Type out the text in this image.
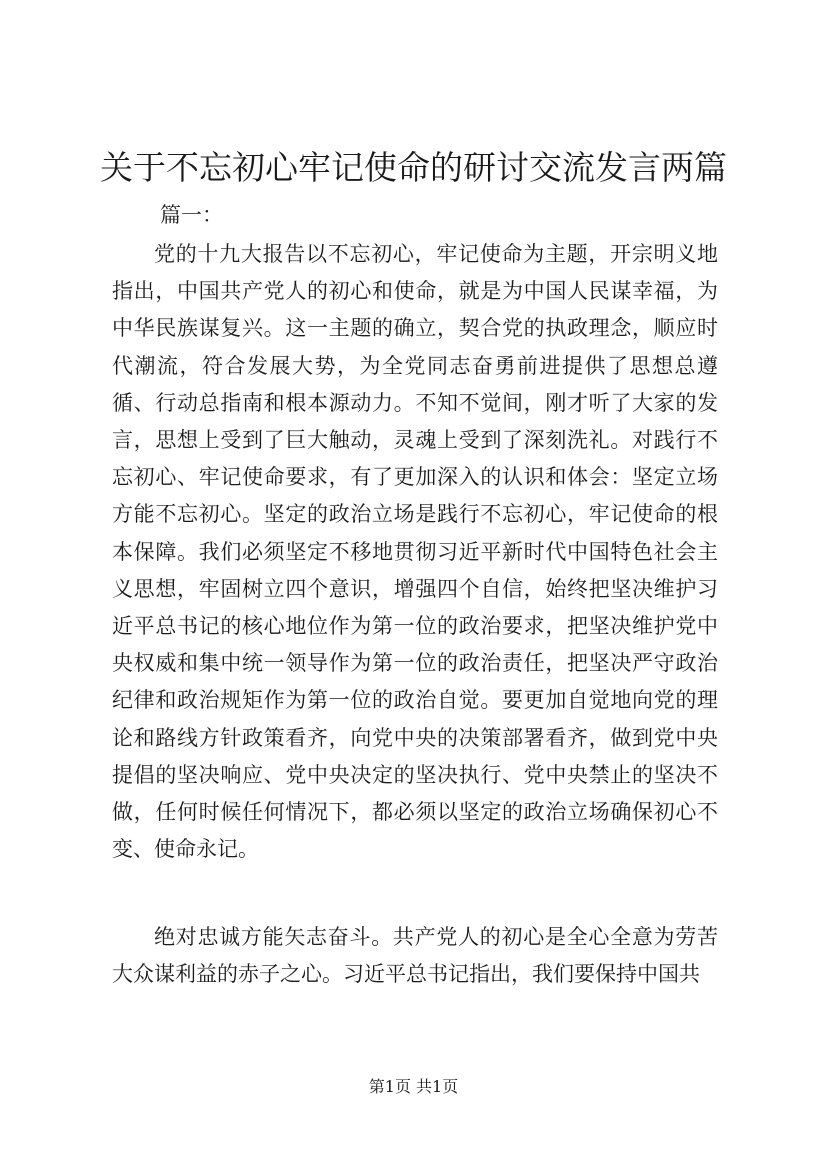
关于不忘初心牢记使命的研讨交流发言两篇
篇一：

党的十九大报告以不忘初心，牢记使命为主题，开宗明义地指出，中国共产党人的初心和使命，就是为中国人民谋幸福，为中华民族谋复兴。这一主题的确立，契合党的执政理念，顺应时代潮流，符合发展大势，为全党同志奋勇前进提供了思想总遵循、行动总指南和根本源动力。不知不觉间，刚才听了大家的发言，思想上受到了巨大触动，灵魂上受到了深刻洗礼。对践行不忘初心、牢记使命要求，有了更加深入的认识和体会：坚定立场方能不忘初心。坚定的政治立场是践行不忘初心，牢记使命的根本保障。我们必须坚定不移地贯彻习近平新时代中国特色社会主义思想，牢固树立四个意识，增强四个自信，始终把坚决维护习近平总书记的核心地位作为第一位的政治要求，把坚决维护党中央权威和集中统一领导作为第一位的政治责任，把坚决严守政治纪律和政治规矩作为第一位的政治自觉。要更加自觉地向党的理论和路线方针政策看齐，向党中央的决策部署看齐，做到党中央提倡的坚决响应、党中央决定的坚决执行、党中央禁止的坚决不做，任何时候任何情况下，都必须以坚定的政治立场确保初心不变、使命永记。

绝对忠诚方能矢志奋斗。共产党人的初心是全心全意为劳苦大众谋利益的赤子之心。习近平总书记指出，我们要保持中国共

第1页 共1页
